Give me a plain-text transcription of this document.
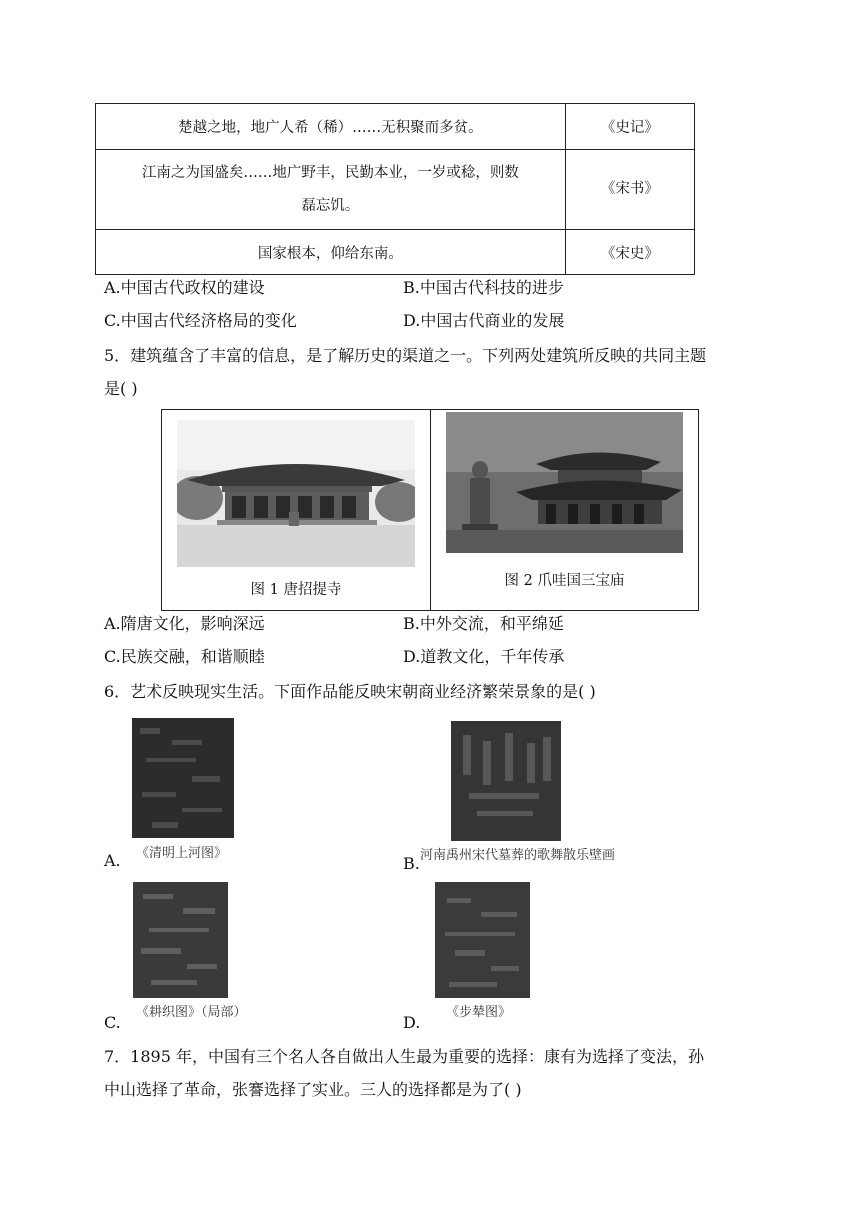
楚越之地，地广人希（稀）……无积聚而多贫。	《史记》
江南之为国盛矣……地广野丰，民勤本业，一岁或稔，则数
磊忘饥。	《宋书》
国家根本，仰给东南。	《宋史》
A.中国古代政权的建设	B.中国古代科技的进步
C.中国古代经济格局的变化	D.中国古代商业的发展
5．建筑蕴含了丰富的信息，是了解历史的渠道之一。下列两处建筑所反映的共同主题
是( )
图 1 唐招提寺
图 2 爪哇国三宝庙
A.隋唐文化，影响深远	B.中外交流，和平绵延
C.民族交融，和谐顺睦	D.道教文化，千年传承
6．艺术反映现实生活。下面作品能反映宋朝商业经济繁荣景象的是( )
《清明上河图》
A.	河南禹州宋代墓葬的歌舞散乐壁画
B.
《耕织图》（局部）
C.
《步辇图》
D.
7．1895 年，中国有三个名人各自做出人生最为重要的选择：康有为选择了变法，孙
中山选择了革命，张謇选择了实业。三人的选择都是为了( )
